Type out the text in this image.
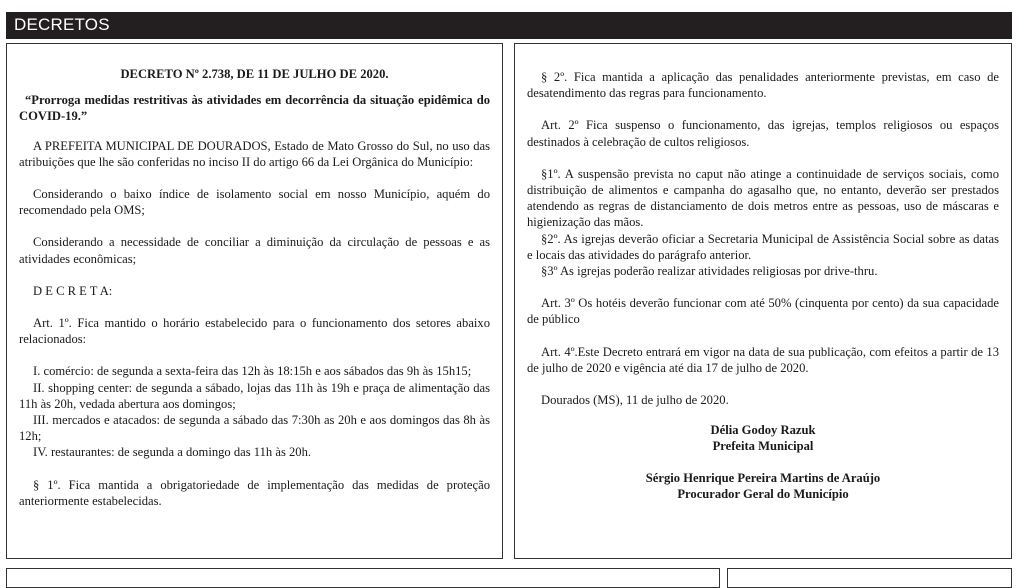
DECRETOS

DECRETO Nº 2.738, DE 11 DE JULHO DE 2020.

“Prorroga medidas restritivas às atividades em decorrência da situação epidêmica do COVID-19.”

A PREFEITA MUNICIPAL DE DOURADOS, Estado de Mato Grosso do Sul, no uso das atribuições que lhe são conferidas no inciso II do artigo 66 da Lei Orgânica do Município:

Considerando o baixo índice de isolamento social em nosso Município, aquém do recomendado pela OMS;

Considerando a necessidade de conciliar a diminuição da circulação de pessoas e as atividades econômicas;

D E C R E T A:

Art. 1º. Fica mantido o horário estabelecido para o funcionamento dos setores abaixo relacionados:

I. comércio: de segunda a sexta-feira das 12h às 18:15h e aos sábados das 9h às 15h15;

II. shopping center: de segunda a sábado, lojas das 11h às 19h e praça de alimentação das 11h às 20h, vedada abertura aos domingos;

III. mercados e atacados: de segunda a sábado das 7:30h as 20h e aos domingos das 8h às 12h;

IV. restaurantes: de segunda a domingo das 11h às 20h.

§ 1º. Fica mantida a obrigatoriedade de implementação das medidas de proteção anteriormente estabelecidas.

§ 2º. Fica mantida a aplicação das penalidades anteriormente previstas, em caso de desatendimento das regras para funcionamento.

Art. 2º Fica suspenso o funcionamento, das igrejas, templos religiosos ou espaços destinados à celebração de cultos religiosos.

§1º. A suspensão prevista no caput não atinge a continuidade de serviços sociais, como distribuição de alimentos e campanha do agasalho que, no entanto, deverão ser prestados atendendo as regras de distanciamento de dois metros entre as pessoas, uso de máscaras e higienização das mãos.

§2º. As igrejas deverão oficiar a Secretaria Municipal de Assistência Social sobre as datas e locais das atividades do parágrafo anterior.

§3º As igrejas poderão realizar atividades religiosas por drive-thru.

Art. 3º Os hotéis deverão funcionar com até 50% (cinquenta por cento) da sua capacidade de público

Art. 4º.Este Decreto entrará em vigor na data de sua publicação, com efeitos a partir de 13 de julho de 2020 e vigência até dia 17 de julho de 2020.

Dourados (MS), 11 de julho de 2020.

Délia Godoy Razuk

Prefeita Municipal

Sérgio Henrique Pereira Martins de Araújo

Procurador Geral do Município
